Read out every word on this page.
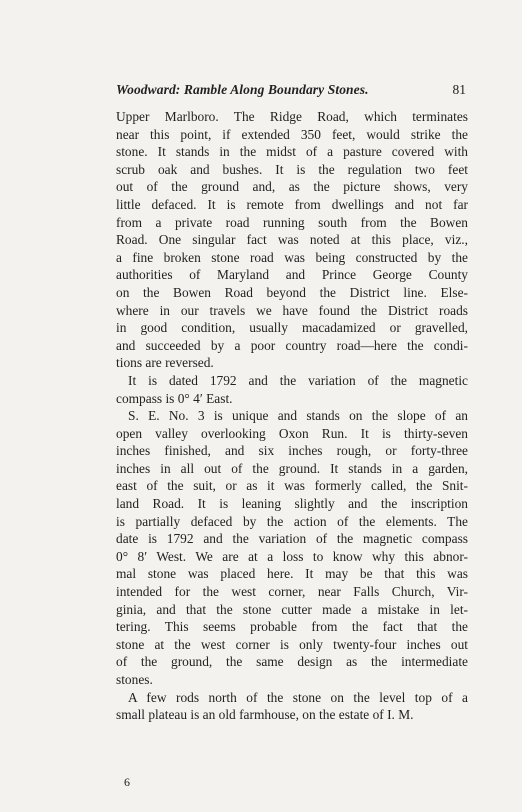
Woodward: Ramble Along Boundary Stones.	81
Upper Marlboro. The Ridge Road, which terminates
near this point, if extended 350 feet, would strike the
stone. It stands in the midst of a pasture covered with
scrub oak and bushes. It is the regulation two feet
out of the ground and, as the picture shows, very
little defaced. It is remote from dwellings and not far
from a private road running south from the Bowen
Road. One singular fact was noted at this place, viz.,
a fine broken stone road was being constructed by the
authorities of Maryland and Prince George County
on the Bowen Road beyond the District line. Else-
where in our travels we have found the District roads
in good condition, usually macadamized or gravelled,
and succeeded by a poor country road—here the condi-
tions are reversed.
It is dated 1792 and the variation of the magnetic
compass is 0° 4′ East.
S. E. No. 3 is unique and stands on the slope of an
open valley overlooking Oxon Run. It is thirty-seven
inches finished, and six inches rough, or forty-three
inches in all out of the ground. It stands in a garden,
east of the suit, or as it was formerly called, the Snit-
land Road. It is leaning slightly and the inscription
is partially defaced by the action of the elements. The
date is 1792 and the variation of the magnetic compass
0° 8′ West. We are at a loss to know why this abnor-
mal stone was placed here. It may be that this was
intended for the west corner, near Falls Church, Vir-
ginia, and that the stone cutter made a mistake in let-
tering. This seems probable from the fact that the
stone at the west corner is only twenty-four inches out
of the ground, the same design as the intermediate
stones.
A few rods north of the stone on the level top of a
small plateau is an old farmhouse, on the estate of I. M.
6
